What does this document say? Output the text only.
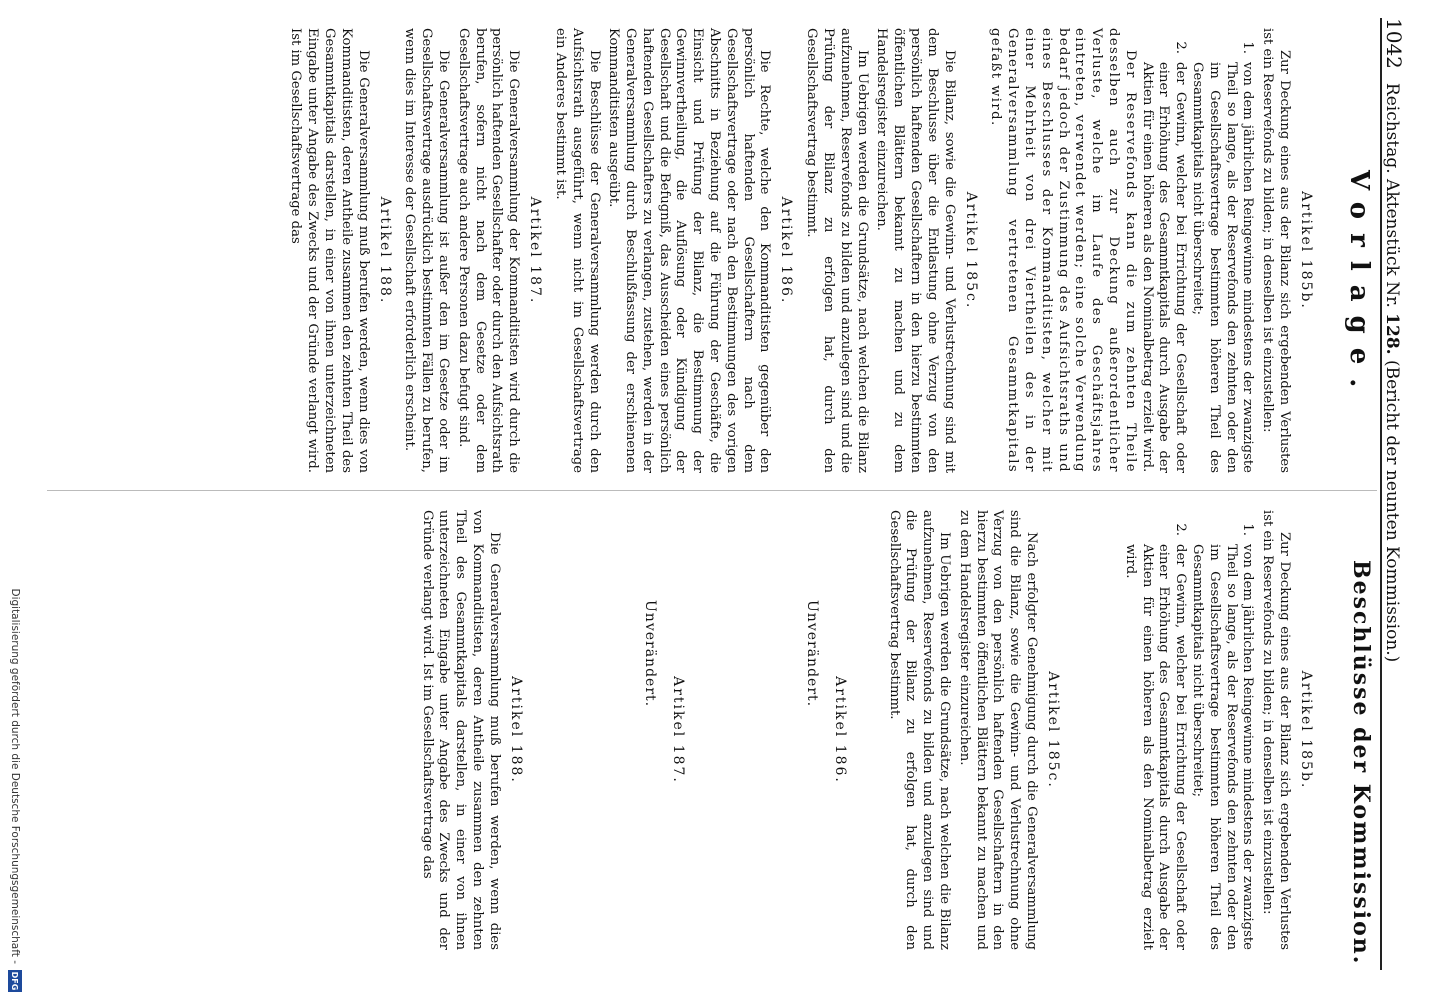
1042
Reichstag. Aktenstück Nr. 128. (Bericht der neunten Kommission.)
Vorlage.
Beschlüsse der Kommission.
Artikel 185b.

Zur Deckung eines aus der Bilanz sich ergebenden Verlustes ist ein Reservefonds zu bilden; in denselben ist einzustellen:

1.
von dem jährlichen Reingewinne mindestens der zwanzigste Theil so lange, als der Reservefonds den zehnten oder den im Gesellschaftsvertrage bestimmten höheren Theil des Gesammtkapitals nicht überschreitet;
2.
der Gewinn, welcher bei Errichtung der Gesellschaft oder einer Erhöhung des Gesammtkapitals durch Ausgabe der Aktien für einen höheren als den Nominalbetrag erzielt wird.

Der Reservefonds kann die zum zehnten Theile desselben auch zur Deckung außerordentlicher Verluste, welche im Laufe des Geschäftsjahres eintreten, verwendet werden; eine solche Verwendung bedarf jedoch der Zustimmung des Aufsichtsraths und eines Beschlusses der Kommanditisten, welcher mit einer Mehrheit von drei Viertheilen des in der Generalversammlung vertretenen Gesammtkapitals gefaßt wird.

Artikel 185c.

Die Bilanz, sowie die Gewinn- und Verlustrechnung sind mit dem Beschlusse über die Entlastung ohne Verzug von den persönlich haftenden Gesellschaftern in den hierzu bestimmten öffentlichen Blättern bekannt zu machen und zu dem Handelsregister einzureichen.

Im Uebrigen werden die Grundsätze, nach welchen die Bilanz aufzunehmen, Reservefonds zu bilden und anzulegen sind und die Prüfung der Bilanz zu erfolgen hat, durch den Gesellschaftsvertrag bestimmt.

Artikel 186.

Die Rechte, welche den Kommanditisten gegenüber den persönlich haftenden Gesellschaftern nach dem Gesellschaftsvertrage oder nach den Bestimmungen des vorigen Abschnitts in Beziehung auf die Führung der Geschäfte, die Einsicht und Prüfung der Bilanz, die Bestimmung der Gewinnvertheilung, die Auflösung oder Kündigung der Gesellschaft und die Befugniß, das Ausscheiden eines persönlich haftenden Gesellschafters zu verlangen, zustehen, werden in der Generalversammlung durch Beschlußfassung der erschienenen Kommanditisten ausgeübt.

Die Beschlüsse der Generalversammlung werden durch den Aufsichtsrath ausgeführt, wenn nicht im Gesellschaftsvertrage ein Anderes bestimmt ist.

Artikel 187.

Die Generalversammlung der Kommanditisten wird durch die persönlich haftenden Gesellschafter oder durch den Aufsichtsrath berufen, sofern nicht nach dem Gesetze oder dem Gesellschaftsvertrage auch andere Personen dazu befugt sind.

Die Generalversammlung ist außer den im Gesetze oder im Gesellschaftsvertrage ausdrücklich bestimmten Fällen zu berufen, wenn dies im Interesse der Gesellschaft erforderlich erscheint.

Artikel 188.

Die Generalversammlung muß berufen werden, wenn dies von Kommanditisten, deren Antheile zusammen den zehnten Theil des Gesammtkapitals darstellen, in einer von ihnen unterzeichneten Eingabe unter Angabe des Zwecks und der Gründe verlangt wird. Ist im Gesellschaftsvertrage das

Artikel 185b.

Zur Deckung eines aus der Bilanz sich ergebenden Verlustes ist ein Reservefonds zu bilden; in denselben ist einzustellen:

1.
von dem jährlichen Reingewinne mindestens der zwanzigste Theil so lange, als der Reservefonds den zehnten oder den im Gesellschaftsvertrage bestimmten höheren Theil des Gesammtkapitals nicht überschreitet;
2.
der Gewinn, welcher bei Errichtung der Gesellschaft oder einer Erhöhung des Gesammtkapitals durch Ausgabe der Aktien für einen höheren als den Nominalbetrag erzielt wird.
Artikel 185c.

Nach erfolgter Genehmigung durch die Generalversammlung sind die Bilanz, sowie die Gewinn- und Verlustrechnung ohne Verzug von den persönlich haftenden Gesellschaftern in den hierzu bestimmten öffentlichen Blättern bekannt zu machen und zu dem Handelsregister einzureichen.

Im Uebrigen werden die Grundsätze, nach welchen die Bilanz aufzunehmen, Reservefonds zu bilden und anzulegen sind und die Prüfung der Bilanz zu erfolgen hat, durch den Gesellschaftsvertrag bestimmt.

Artikel 186.
Unverändert.
Artikel 187.
Unverändert.
Artikel 188.

Die Generalversammlung muß berufen werden, wenn dies von Kommanditisten, deren Antheile zusammen den zehnten Theil des Gesammtkapitals darstellen, in einer von ihnen unterzeichneten Eingabe unter Angabe des Zwecks und der Gründe verlangt wird. Ist im Gesellschaftsvertrage das

Digitalisierung gefördert durch die Deutsche Forschungsgemeinschaft -
DFG
